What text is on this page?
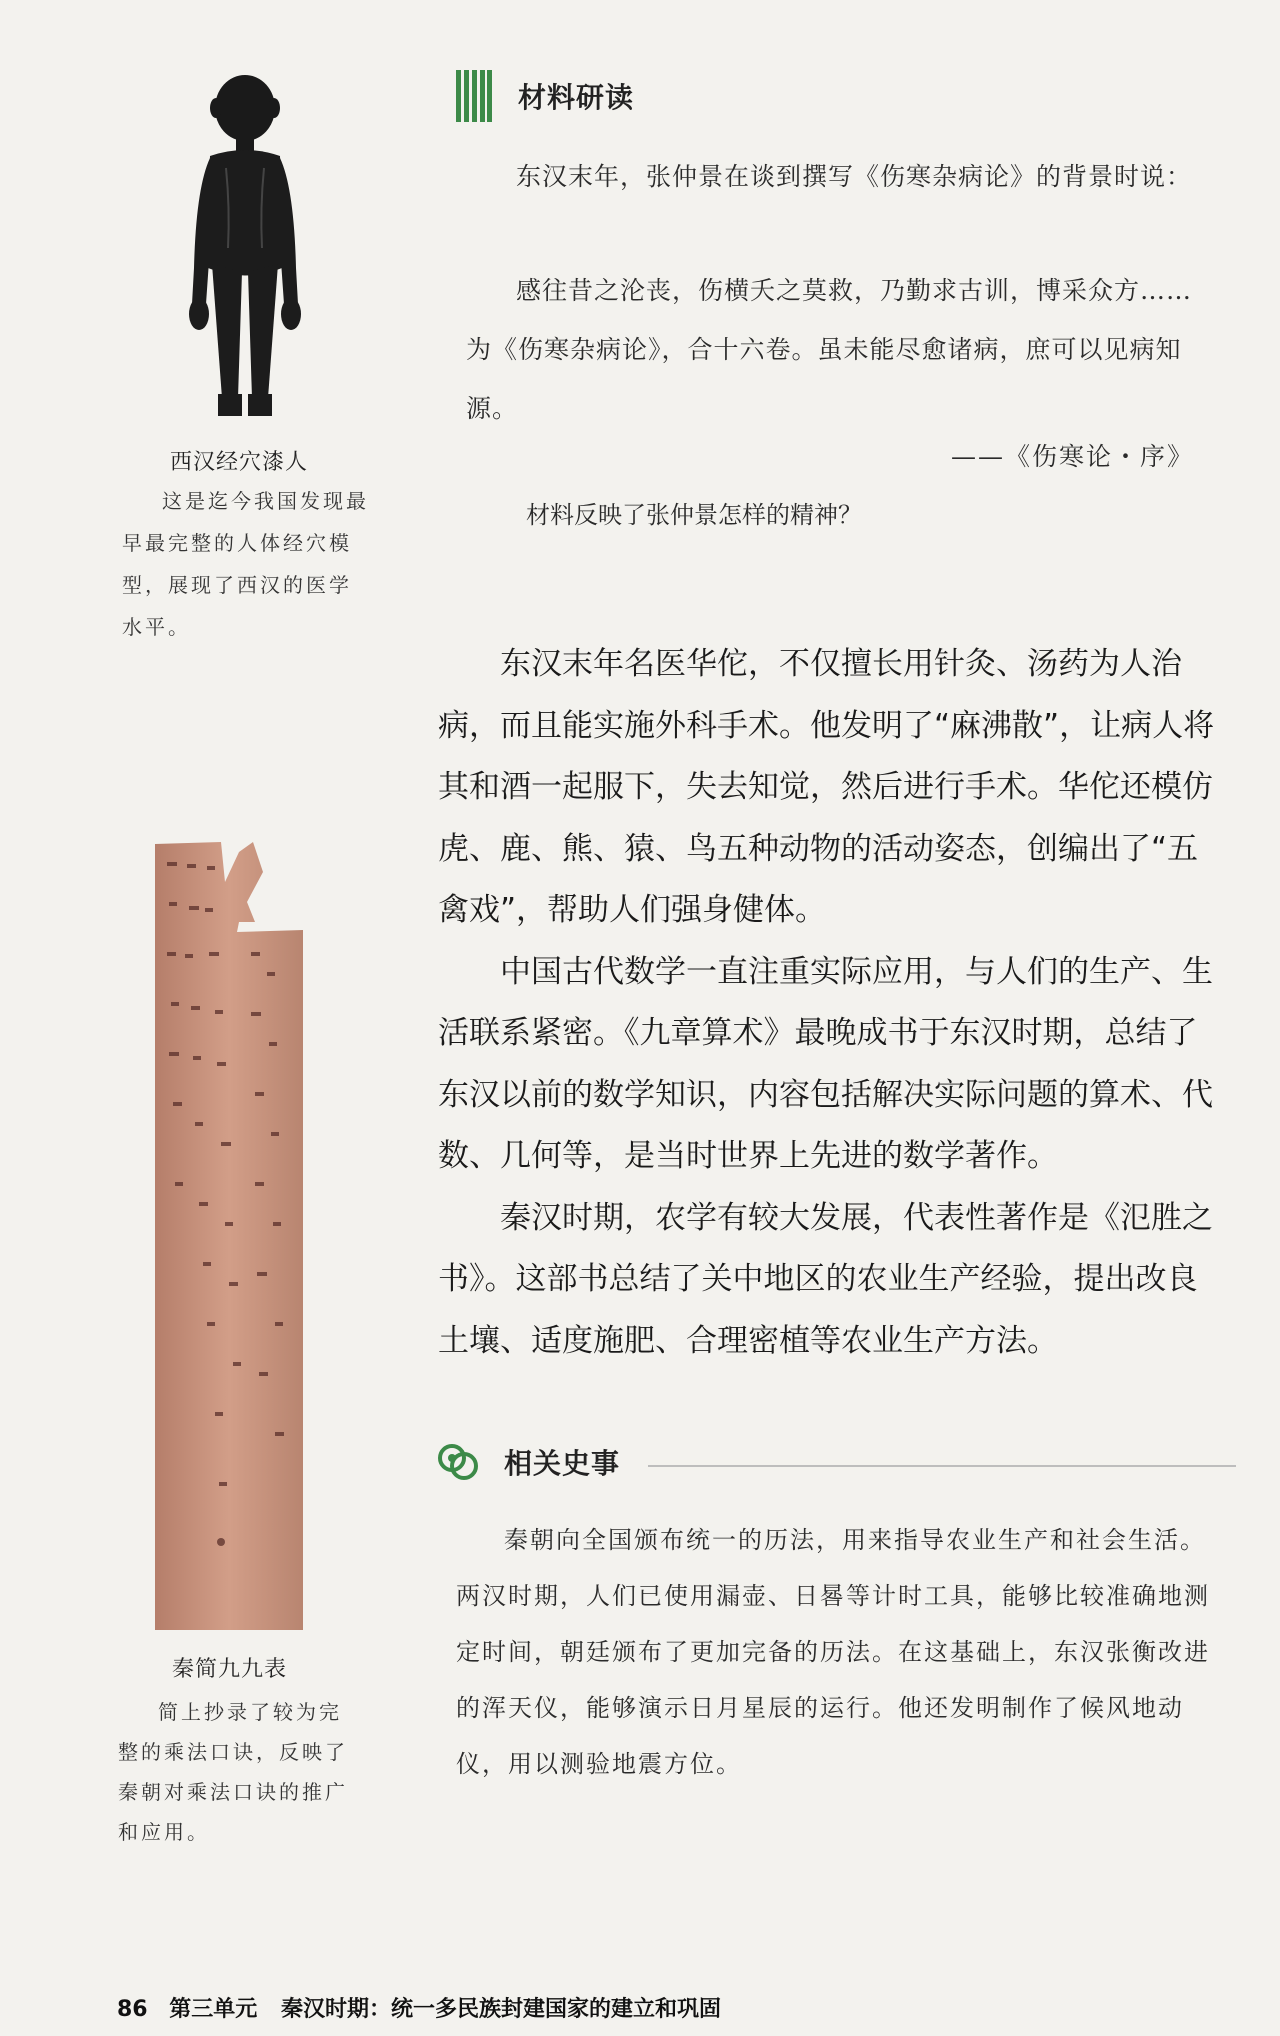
西汉经穴漆人
这是迄今我国发现最早最完整的人体经穴模型，展现了西汉的医学水平。
秦简九九表
简上抄录了较为完整的乘法口诀，反映了秦朝对乘法口诀的推广和应用。
材料研读
东汉末年，张仲景在谈到撰写《伤寒杂病论》的背景时说：
感往昔之沦丧，伤横夭之莫救，乃勤求古训，博采众方……为《伤寒杂病论》，合十六卷。虽未能尽愈诸病，庶可以见病知源。
——《伤寒论・序》
材料反映了张仲景怎样的精神？

东汉末年名医华佗，不仅擅长用针灸、汤药为人治病，而且能实施外科手术。他发明了“麻沸散”，让病人将其和酒一起服下，失去知觉，然后进行手术。华佗还模仿虎、鹿、熊、猿、鸟五种动物的活动姿态，创编出了“五禽戏”，帮助人们强身健体。

中国古代数学一直注重实际应用，与人们的生产、生活联系紧密。《九章算术》最晚成书于东汉时期，总结了东汉以前的数学知识，内容包括解决实际问题的算术、代数、几何等，是当时世界上先进的数学著作。

秦汉时期，农学有较大发展，代表性著作是《氾胜之书》。这部书总结了关中地区的农业生产经验，提出改良土壤、适度施肥、合理密植等农业生产方法。

相关史事

秦朝向全国颁布统一的历法，用来指导农业生产和社会生活。两汉时期，人们已使用漏壶、日晷等计时工具，能够比较准确地测定时间，朝廷颁布了更加完备的历法。在这基础上，东汉张衡改进的浑天仪，能够演示日月星辰的运行。他还发明制作了候风地动仪，用以测验地震方位。

86 第三单元 秦汉时期：统一多民族封建国家的建立和巩固
